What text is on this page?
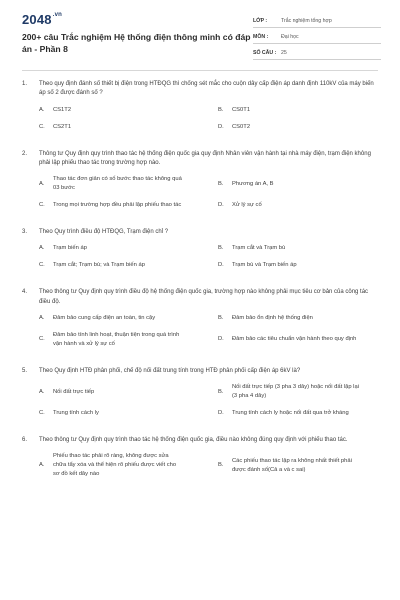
$2048^{.vn}$
200+ câu Trắc nghiệm Hệ thống điện thông minh có đáp án - Phần 8
LỚP :	Trắc nghiệm tổng hợp
MÔN :	Đại học
SỐ CÂU : 25
1.	Theo quy định đánh số thiết bị điện trong HTĐQG thì chống sét mắc cho cuộn dây cấp điện áp danh định 110kV của máy biến áp số 2 được đánh số ?
A.	CS1T2	B.	CS0T1
C.	CS2T1	D.	CS0T2
2.	Thông tư Quy định quy trình thao tác hệ thống điện quốc gia quy định Nhân viên vận hành tại nhà máy điện, trạm điện không phải lập phiếu thao tác trong trường hợp nào.
A.
Thao tác đơn giản có số bước thao tác không quá 03 bước
B.	Phương án A, B
C.	Trong mọi trường hợp đều phải lập phiếu thao tác	D.	Xử lý sự cố
3.	Theo Quy trình điều độ HTĐQG, Trạm điện chỉ ?
A.	Trạm biến áp	B.	Trạm cắt và Trạm bù
C.	Trạm cắt; Trạm bù; và Trạm biến áp	D.	Trạm bù và Trạm biến áp
4.	Theo thông tư Quy định quy trình điều độ hệ thống điện quốc gia, trường hợp nào không phải mục tiêu cơ bản của công tác điều độ.
A.	Đảm bảo cung cấp điện an toàn, tin cậy	B.	Đảm bảo ổn định hệ thống điện
C.
Đảm bảo tính linh hoạt, thuận tiện trong quá trình vận hành và xử lý sự cố
D.	Đảm bảo các tiêu chuẩn vận hành theo quy định
5.	Theo Quy định HTĐ phân phối, chế độ nối đất trung tính trong HTĐ phân phối cấp điện áp 6kV là?
A.	Nối đất trực tiếp	B.
Nối đất trực tiếp (3 pha 3 dây) hoặc nối đất lặp lại (3 pha 4 dây)
C.	Trung tính cách ly	D.	Trung tính cách ly hoặc nối đất qua trở kháng
6.	Theo thông tư Quy định quy trình thao tác hệ thống điện quốc gia, điều nào không đúng quy định với phiếu thao tác.
A.
Phiếu thao tác phải rõ ràng, không được sửa chữa tẩy xóa và thể hiện rõ phiếu được viết cho sơ đồ kết dây nào
B.
Các phiếu thao tác lập ra không nhất thiết phải được đánh số(Cả a và c sai)
